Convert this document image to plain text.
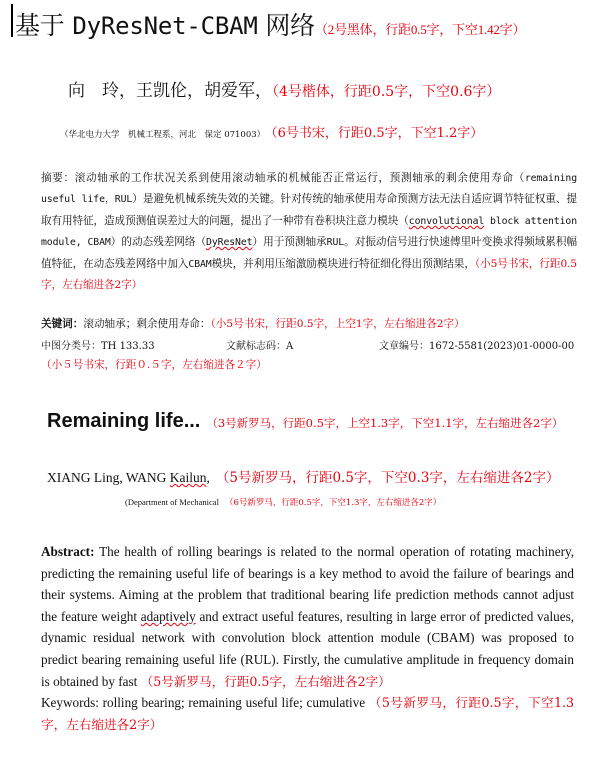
基于 DyResNet-CBAM 网络（2号黑体，行距0.5字，下空1.42字）
向　玲，王凯伦，胡爱军，（4号楷体，行距0.5字，下空0.6字）
（华北电力大学　机械工程系，河北　保定 071003） （6号书宋，行距0.5字，下空1.2字）
摘要：滚动轴承的工作状况关系到使用滚动轴承的机械能否正常运行，预测轴承的剩余使用寿命（remaining useful life，RUL）是避免机械系统失效的关键。针对传统的轴承使用寿命预测方法无法自适应调节特征权重、提取有用特征，造成预测值误差过大的问题，提出了一种带有卷积块注意力模块（convolutional block attention module, CBAM）的动态残差网络（DyResNet）用于预测轴承RUL。对振动信号进行快速傅里叶变换求得频域累积幅值特征，在动态残差网络中加入CBAM模块，并利用压缩激励模块进行特征细化得出预测结果，（小5号书宋，行距0.5字，左右缩进各2字）
关键词：滚动轴承；剩余使用寿命：（小5号书宋，行距0.5字，上空1字，左右缩进各2字）
中图分类号：TH 133.33	文献标志码：A	文章编号：1672-5581(2023)01-0000-00
（小５号书宋，行距０.５字，左右缩进各２字）
Remaining life... （3号新罗马，行距0.5字，上空1.3字，下空1.1字，左右缩进各2字）
XIANG Ling, WANG Kailun, （5号新罗马，行距0.5字，下空0.3字，左右缩进各2字）
(Department of Mechanical （6号新罗马，行距0.5字，下空1.3字，左右缩进各2字）
Abstract: The health of rolling bearings is related to the normal operation of rotating machinery, predicting the remaining useful life of bearings is a key method to avoid the failure of bearings and their systems. Aiming at the problem that traditional bearing life prediction methods cannot adjust the feature weight adaptively and extract useful features, resulting in large error of predicted values, dynamic residual network with convolution block attention module (CBAM) was proposed to predict bearing remaining useful life (RUL). Firstly, the cumulative amplitude in frequency domain is obtained by fast （5号新罗马，行距0.5字，左右缩进各2字）
Keywords: rolling bearing; remaining useful life; cumulative （5号新罗马，行距0.5字，下空1.3字，左右缩进各2字）
